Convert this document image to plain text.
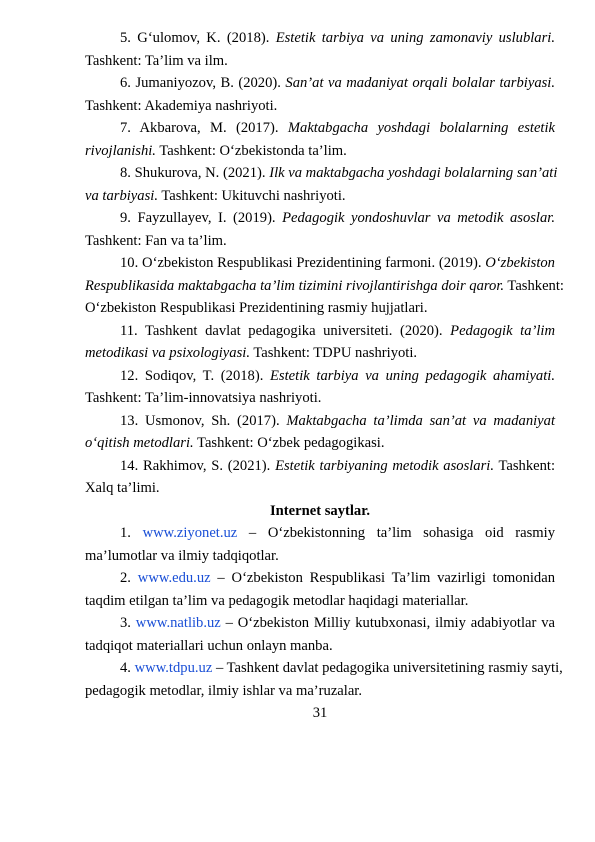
5. G‘ulomov, K. (2018). Estetik tarbiya va uning zamonaviy uslublari.
Tashkent: Ta’lim va ilm.
6. Jumaniyozov, B. (2020). San’at va madaniyat orqali bolalar tarbiyasi.
Tashkent: Akademiya nashriyoti.
7. Akbarova, M. (2017). Maktabgacha yoshdagi bolalarning estetik
rivojlanishi. Tashkent: O‘zbekistonda ta’lim.
8. Shukurova, N. (2021). Ilk va maktabgacha yoshdagi bolalarning san’ati
va tarbiyasi. Tashkent: Ukituvchi nashriyoti.
9. Fayzullayev, I. (2019). Pedagogik yondoshuvlar va metodik asoslar.
Tashkent: Fan va ta’lim.
10. O‘zbekiston Respublikasi Prezidentining farmoni. (2019). O‘zbekiston
Respublikasida maktabgacha ta’lim tizimini rivojlantirishga doir qaror. Tashkent:
O‘zbekiston Respublikasi Prezidentining rasmiy hujjatlari.
11. Tashkent davlat pedagogika universiteti. (2020). Pedagogik ta’lim
metodikasi va psixologiyasi. Tashkent: TDPU nashriyoti.
12. Sodiqov, T. (2018). Estetik tarbiya va uning pedagogik ahamiyati.
Tashkent: Ta’lim-innovatsiya nashriyoti.
13. Usmonov, Sh. (2017). Maktabgacha ta’limda san’at va madaniyat
o‘qitish metodlari. Tashkent: O‘zbek pedagogikasi.
14. Rakhimov, S. (2021). Estetik tarbiyaning metodik asoslari. Tashkent:
Xalq ta’limi.
Internet saytlar.
1. www.ziyonet.uz – O‘zbekistonning ta’lim sohasiga oid rasmiy
ma’lumotlar va ilmiy tadqiqotlar.
2. www.edu.uz – O‘zbekiston Respublikasi Ta’lim vazirligi tomonidan
taqdim etilgan ta’lim va pedagogik metodlar haqidagi materiallar.
3. www.natlib.uz – O‘zbekiston Milliy kutubxonasi, ilmiy adabiyotlar va
tadqiqot materiallari uchun onlayn manba.
4. www.tdpu.uz – Tashkent davlat pedagogika universitetining rasmiy sayti,
pedagogik metodlar, ilmiy ishlar va ma’ruzalar.
31
